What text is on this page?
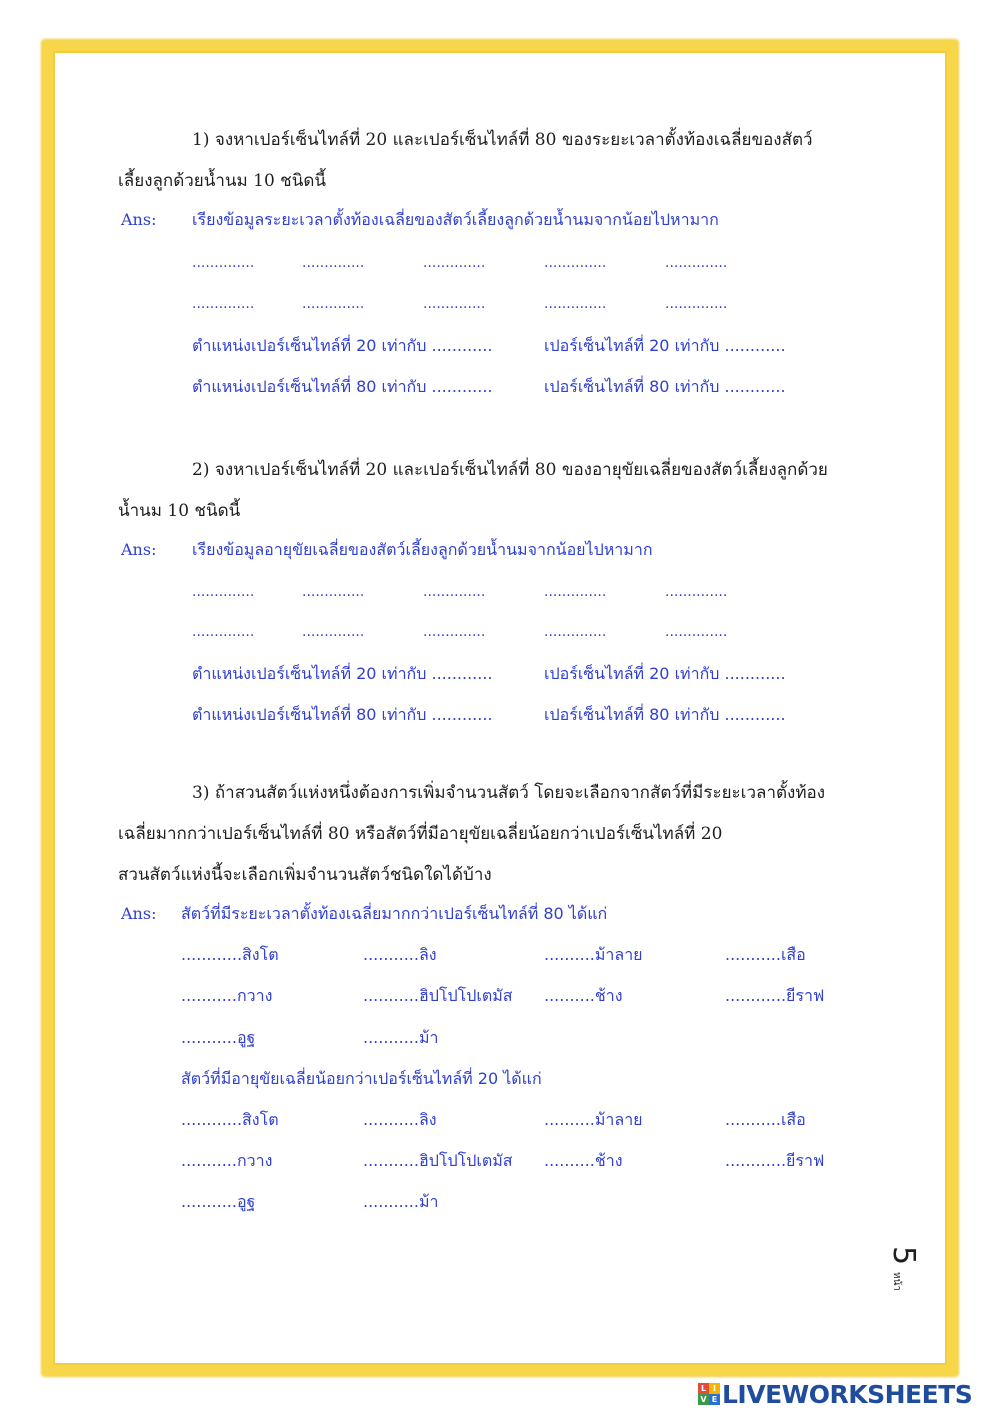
1) จงหาเปอร์เซ็นไทล์ที่ 20 และเปอร์เซ็นไทล์ที่ 80 ของระยะเวลาตั้งท้องเฉลี่ยของสัตว์
เลี้ยงลูกด้วยน้ำนม 10 ชนิดนี้
Ans: เรียงข้อมูลระยะเวลาตั้งท้องเฉลี่ยของสัตว์เลี้ยงลูกด้วยน้ำนมจากน้อยไปหามาก
..............	..............	..............	..............	..............
..............	..............	..............	..............	..............
ตำแหน่งเปอร์เซ็นไทล์ที่ 20 เท่ากับ ............	เปอร์เซ็นไทล์ที่ 20 เท่ากับ ............
ตำแหน่งเปอร์เซ็นไทล์ที่ 80 เท่ากับ ............	เปอร์เซ็นไทล์ที่ 80 เท่ากับ ............
2) จงหาเปอร์เซ็นไทล์ที่ 20 และเปอร์เซ็นไทล์ที่ 80 ของอายุขัยเฉลี่ยของสัตว์เลี้ยงลูกด้วย
น้ำนม 10 ชนิดนี้
Ans: เรียงข้อมูลอายุขัยเฉลี่ยของสัตว์เลี้ยงลูกด้วยน้ำนมจากน้อยไปหามาก
..............	..............	..............	..............	..............
..............	..............	..............	..............	..............
ตำแหน่งเปอร์เซ็นไทล์ที่ 20 เท่ากับ ............	เปอร์เซ็นไทล์ที่ 20 เท่ากับ ............
ตำแหน่งเปอร์เซ็นไทล์ที่ 80 เท่ากับ ............	เปอร์เซ็นไทล์ที่ 80 เท่ากับ ............
3) ถ้าสวนสัตว์แห่งหนึ่งต้องการเพิ่มจำนวนสัตว์ โดยจะเลือกจากสัตว์ที่มีระยะเวลาตั้งท้อง
เฉลี่ยมากกว่าเปอร์เซ็นไทล์ที่ 80 หรือสัตว์ที่มีอายุขัยเฉลี่ยน้อยกว่าเปอร์เซ็นไทล์ที่ 20
สวนสัตว์แห่งนี้จะเลือกเพิ่มจำนวนสัตว์ชนิดใดได้บ้าง
Ans: สัตว์ที่มีระยะเวลาตั้งท้องเฉลี่ยมากกว่าเปอร์เซ็นไทล์ที่ 80 ได้แก่
............สิงโต	...........ลิง	..........ม้าลาย	...........เสือ
...........กวาง	...........ฮิปโปโปเตมัส ..........ช้าง	............ยีราฟ
...........อูฐ	...........ม้า
สัตว์ที่มีอายุขัยเฉลี่ยน้อยกว่าเปอร์เซ็นไทล์ที่ 20 ได้แก่
............สิงโต	...........ลิง	..........ม้าลาย	...........เสือ
...........กวาง	...........ฮิปโปโปเตมัส ..........ช้าง	............ยีราฟ
...........อูฐ	...........ม้า
5
หน้า
L I
V E LIVEWORKSHEETS
